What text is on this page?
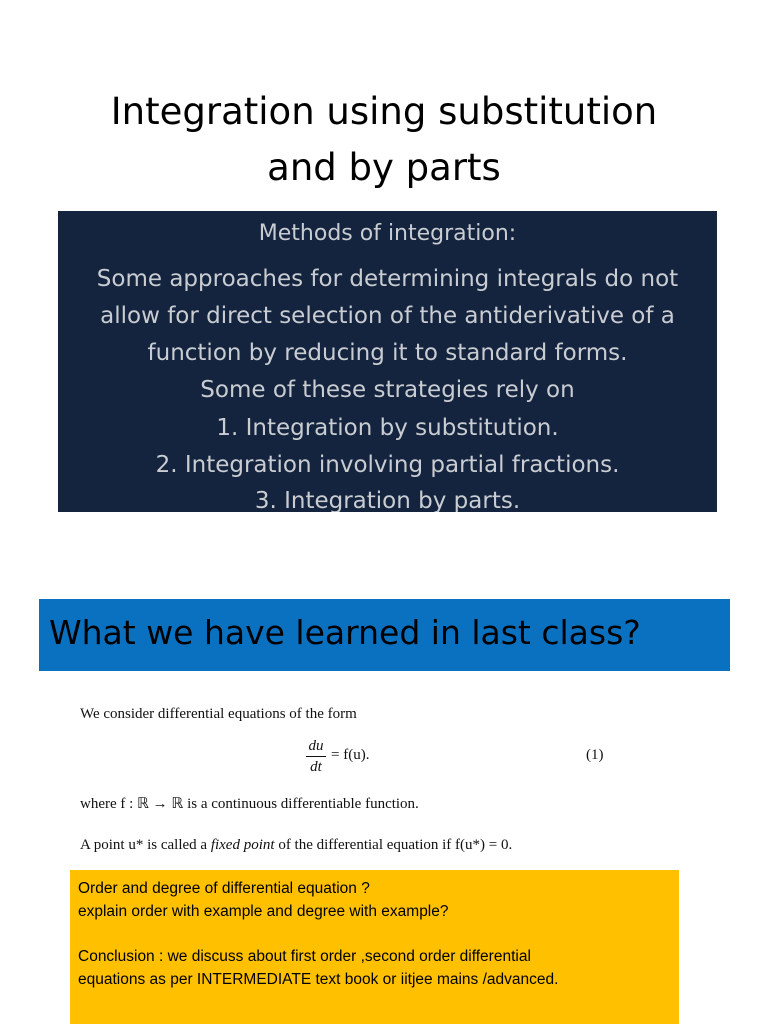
Integration using substitution
and by parts
Methods of integration:
Some approaches for determining integrals do not
allow for direct selection of the antiderivative of a
function by reducing it to standard forms.
Some of these strategies rely on
1. Integration by substitution.
2. Integration involving partial fractions.
3. Integration by parts.
What we have learned in last class?
We consider differential equations of the form
du
dt
= f(u).	(1)
where f : ℝ → ℝ is a continuous differentiable function.
A point u* is called a fixed point of the differential equation if f(u*) = 0.
Order and degree of differential equation ?
explain order with example and degree with example?
Conclusion : we discuss about first order ,second order differential
equations as per INTERMEDIATE text book or iitjee mains /advanced.
